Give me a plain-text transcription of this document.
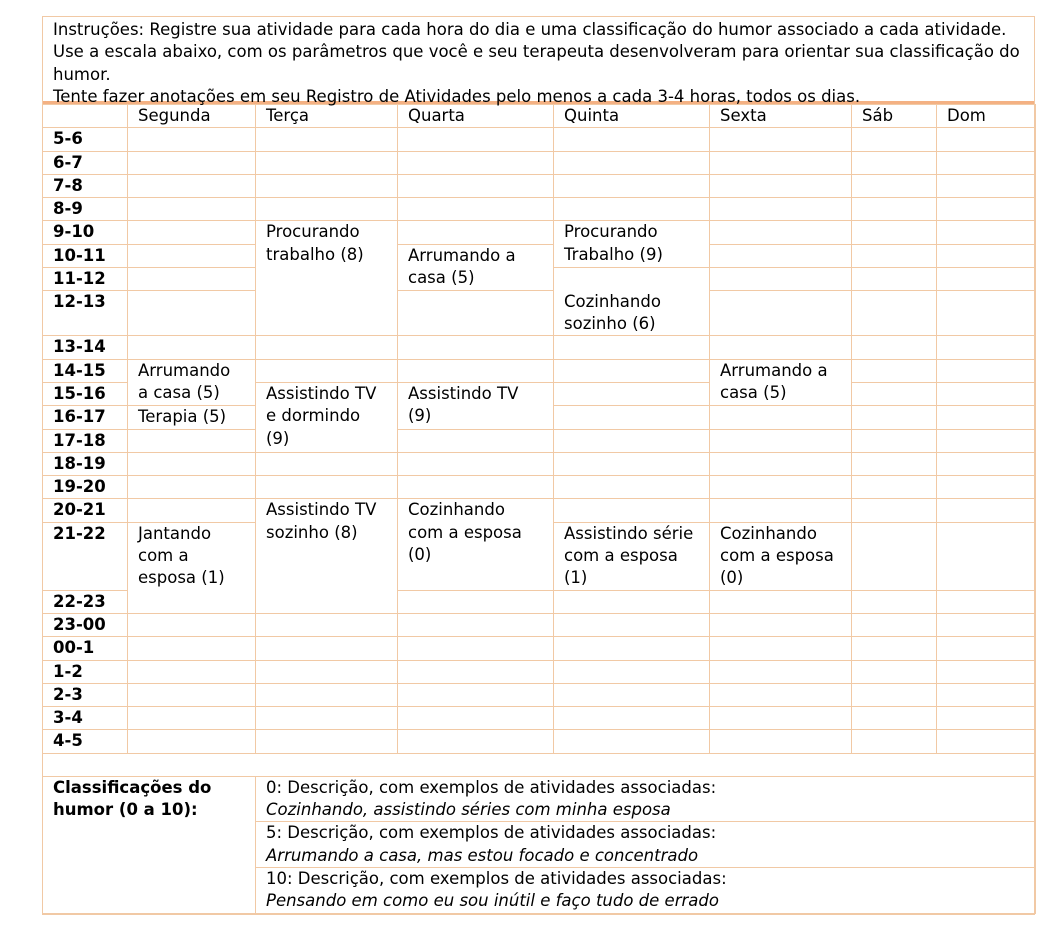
Instruções: Registre sua atividade para cada hora do dia e uma classificação do humor associado a cada atividade. Use a escala abaixo, com os parâmetros que você e seu terapeuta desenvolveram para orientar sua classificação do humor.

Tente fazer anotações em seu Registro de Atividades pelo menos a cada 3-4 horas, todos os dias.

	Segunda	Terça	Quarta	Quinta	Sexta	Sáb	Dom
5-6							
6-7							
7-8							
8-9							
9-10		Procurando trabalho (8)		Procurando Trabalho (9)			
10-11			Arrumando a casa (5)				
11-12				Cozinhando sozinho (6)			
12-13							
13-14							
14-15	Arrumando a casa (5)				Arrumando a casa (5)		
15-16		Assistindo TV e dormindo (9)	Assistindo TV (9)				
16-17	Terapia (5)						
17-18							
18-19							
19-20							
20-21		Assistindo TV sozinho (8)	Cozinhando com a esposa (0)				
21-22	Jantando com a esposa (1)			Assistindo série com a esposa (1)	Cozinhando com a esposa (0)		
22-23							
23-00							
00-1							
1-2							
2-3							
3-4							
4-5							

Classificações do humor (0 a 10):		0: Descrição, com exemplos de atividades associadas:
Cozinhando, assistindo séries com minha esposa					

		5: Descrição, com exemplos de atividades associadas:
Arrumando a casa, mas estou focado e concentrado					

		10: Descrição, com exemplos de atividades associadas:
Pensando em como eu sou inútil e faço tudo de errado					
